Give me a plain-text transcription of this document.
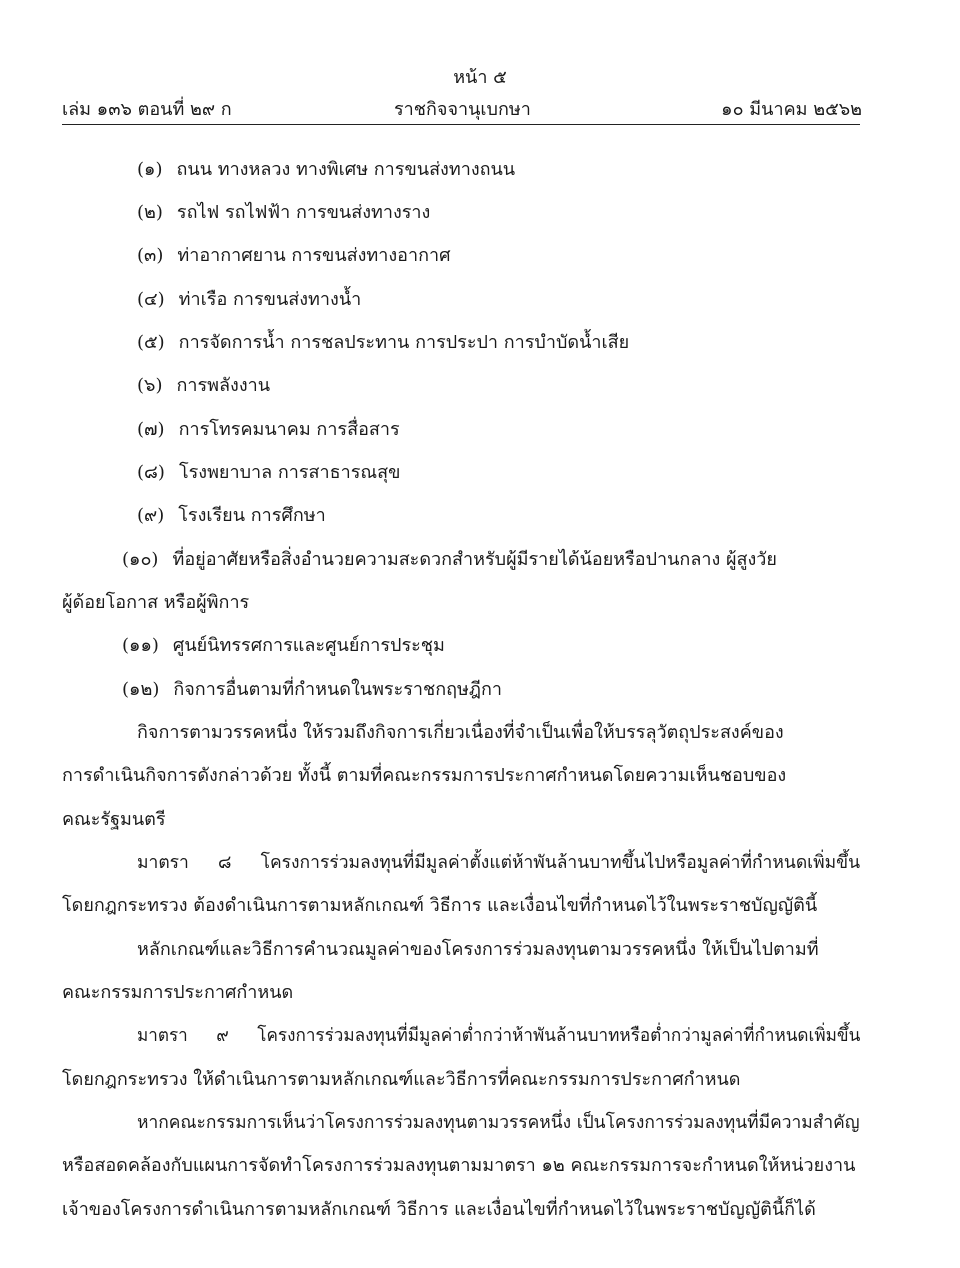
หน้า ๕
เล่ม ๑๓๖ ตอนที่ ๒๙ ก	ราชกิจจานุเบกษา	๑๐ มีนาคม ๒๕๖๒
(๑) ถนน ทางหลวง ทางพิเศษ การขนส่งทางถนน
(๒) รถไฟ รถไฟฟ้า การขนส่งทางราง
(๓) ท่าอากาศยาน การขนส่งทางอากาศ
(๔) ท่าเรือ การขนส่งทางน้ำ
(๕) การจัดการน้ำ การชลประทาน การประปา การบำบัดน้ำเสีย
(๖) การพลังงาน
(๗) การโทรคมนาคม การสื่อสาร
(๘) โรงพยาบาล การสาธารณสุข
(๙) โรงเรียน การศึกษา
(๑๐) ที่อยู่อาศัยหรือสิ่งอำนวยความสะดวกสำหรับผู้มีรายได้น้อยหรือปานกลาง ผู้สูงวัย
ผู้ด้อยโอกาส หรือผู้พิการ
(๑๑) ศูนย์นิทรรศการและศูนย์การประชุม
(๑๒) กิจการอื่นตามที่กำหนดในพระราชกฤษฎีกา
กิจการตามวรรคหนึ่ง ให้รวมถึงกิจการเกี่ยวเนื่องที่จำเป็นเพื่อให้บรรลุวัตถุประสงค์ของ
การดำเนินกิจการดังกล่าวด้วย ทั้งนี้ ตามที่คณะกรรมการประกาศกำหนดโดยความเห็นชอบของ
คณะรัฐมนตรี
มาตรา ๘ โครงการร่วมลงทุนที่มีมูลค่าตั้งแต่ห้าพันล้านบาทขึ้นไปหรือมูลค่าที่กำหนดเพิ่มขึ้น
โดยกฎกระทรวง ต้องดำเนินการตามหลักเกณฑ์ วิธีการ และเงื่อนไขที่กำหนดไว้ในพระราชบัญญัตินี้
หลักเกณฑ์และวิธีการคำนวณมูลค่าของโครงการร่วมลงทุนตามวรรคหนึ่ง ให้เป็นไปตามที่
คณะกรรมการประกาศกำหนด
มาตรา ๙ โครงการร่วมลงทุนที่มีมูลค่าต่ำกว่าห้าพันล้านบาทหรือต่ำกว่ามูลค่าที่กำหนดเพิ่มขึ้น
โดยกฎกระทรวง ให้ดำเนินการตามหลักเกณฑ์และวิธีการที่คณะกรรมการประกาศกำหนด
หากคณะกรรมการเห็นว่าโครงการร่วมลงทุนตามวรรคหนึ่ง เป็นโครงการร่วมลงทุนที่มีความสำคัญ
หรือสอดคล้องกับแผนการจัดทำโครงการร่วมลงทุนตามมาตรา ๑๒ คณะกรรมการจะกำหนดให้หน่วยงาน
เจ้าของโครงการดำเนินการตามหลักเกณฑ์ วิธีการ และเงื่อนไขที่กำหนดไว้ในพระราชบัญญัตินี้ก็ได้
